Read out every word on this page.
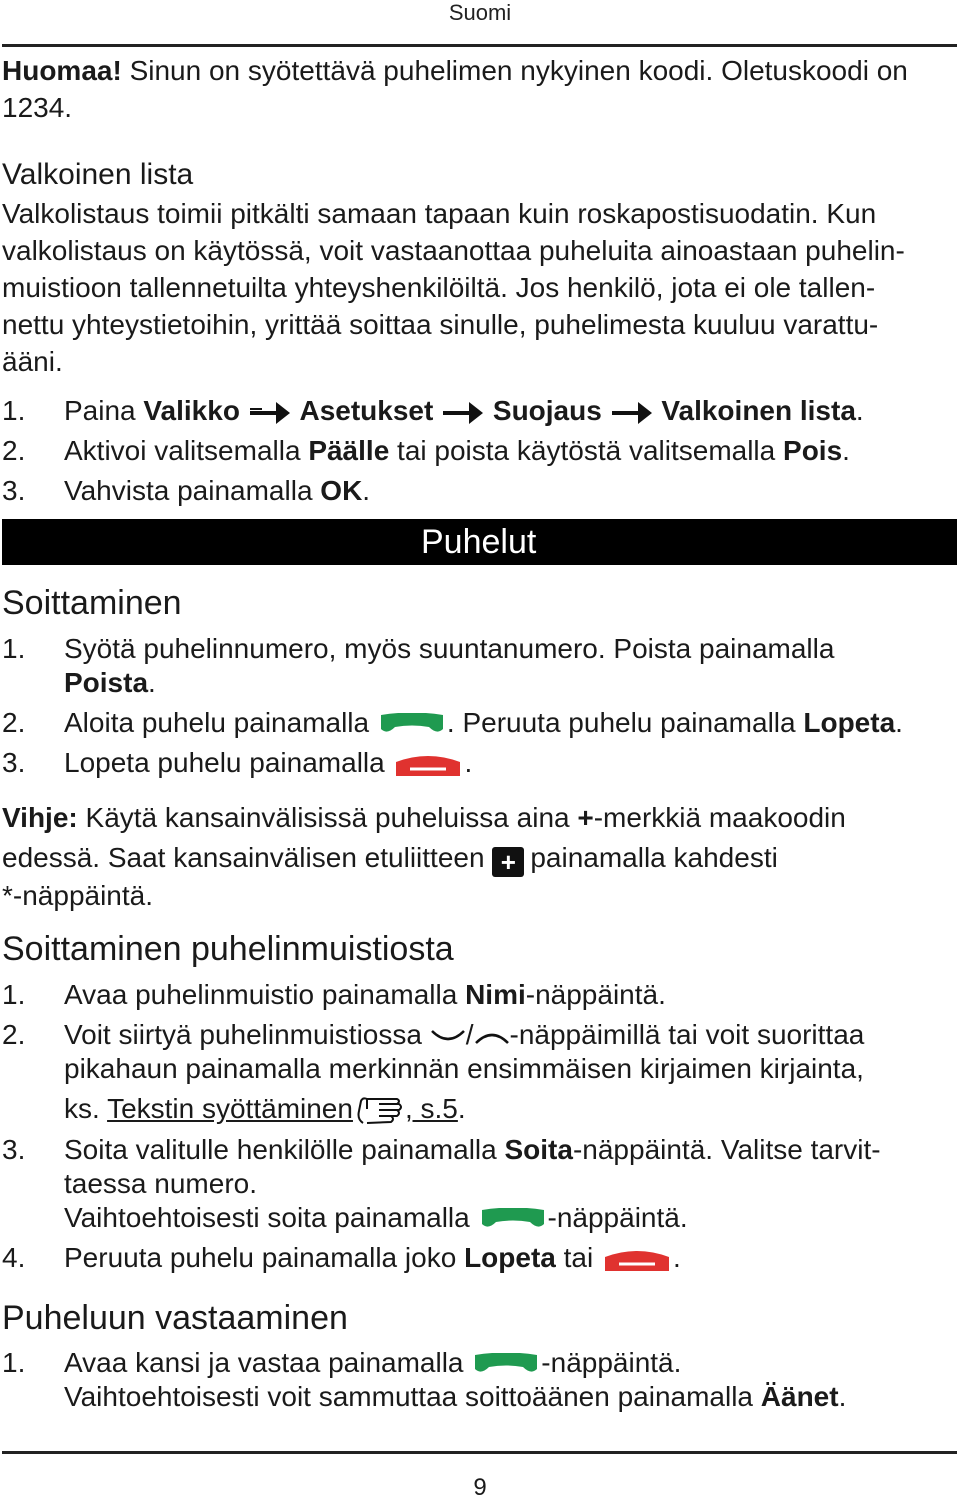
Suomi
Huomaa! Sinun on syötettävä puhelimen nykyinen koodi. Oletuskoodi on
1234.
Valkoinen lista
Valkolistaus toimii pitkälti samaan tapaan kuin roskapostisuodatin. Kun
valkolistaus on käytössä, voit vastaanottaa puheluita ainoastaan puhelin-
muistioon tallennetuilta yhteyshenkilöiltä. Jos henkilö, jota ei ole tallen-
nettu yhteystietoihin, yrittää soittaa sinulle, puhelimesta kuuluu varattu-
ääni.
1. Paina Valikko Asetukset Suojaus Valkoinen lista.
2. Aktivoi valitsemalla Päälle tai poista käytöstä valitsemalla Pois.
3. Vahvista painamalla OK.
Puhelut
Soittaminen
1. Syötä puhelinnumero, myös suuntanumero. Poista painamalla
Poista.
2. Aloita puhelu painamalla	. Peruuta puhelu painamalla Lopeta.
3. Lopeta puhelu painamalla	.
Vihje: Käytä kansainvälisissä puheluissa aina +-merkkiä maakoodin
edessä. Saat kansainvälisen etuliitteen + painamalla kahdesti
*-näppäintä.
Soittaminen puhelinmuistiosta
1. Avaa puhelinmuistio painamalla Nimi-näppäintä.
2. Voit siirtyä puhelinmuistiossa / -näppäimillä tai voit suorittaa
pikahaun painamalla merkinnän ensimmäisen kirjaimen kirjainta,
ks. Tekstin syöttäminen , s.5.
3. Soita valitulle henkilölle painamalla Soita-näppäintä. Valitse tarvit-
taessa numero.
Vaihtoehtoisesti soita painamalla	-näppäintä.
4. Peruuta puhelu painamalla joko Lopeta tai	.
Puheluun vastaaminen
1. Avaa kansi ja vastaa painamalla	-näppäintä.
Vaihtoehtoisesti voit sammuttaa soittoäänen painamalla Äänet.
9
